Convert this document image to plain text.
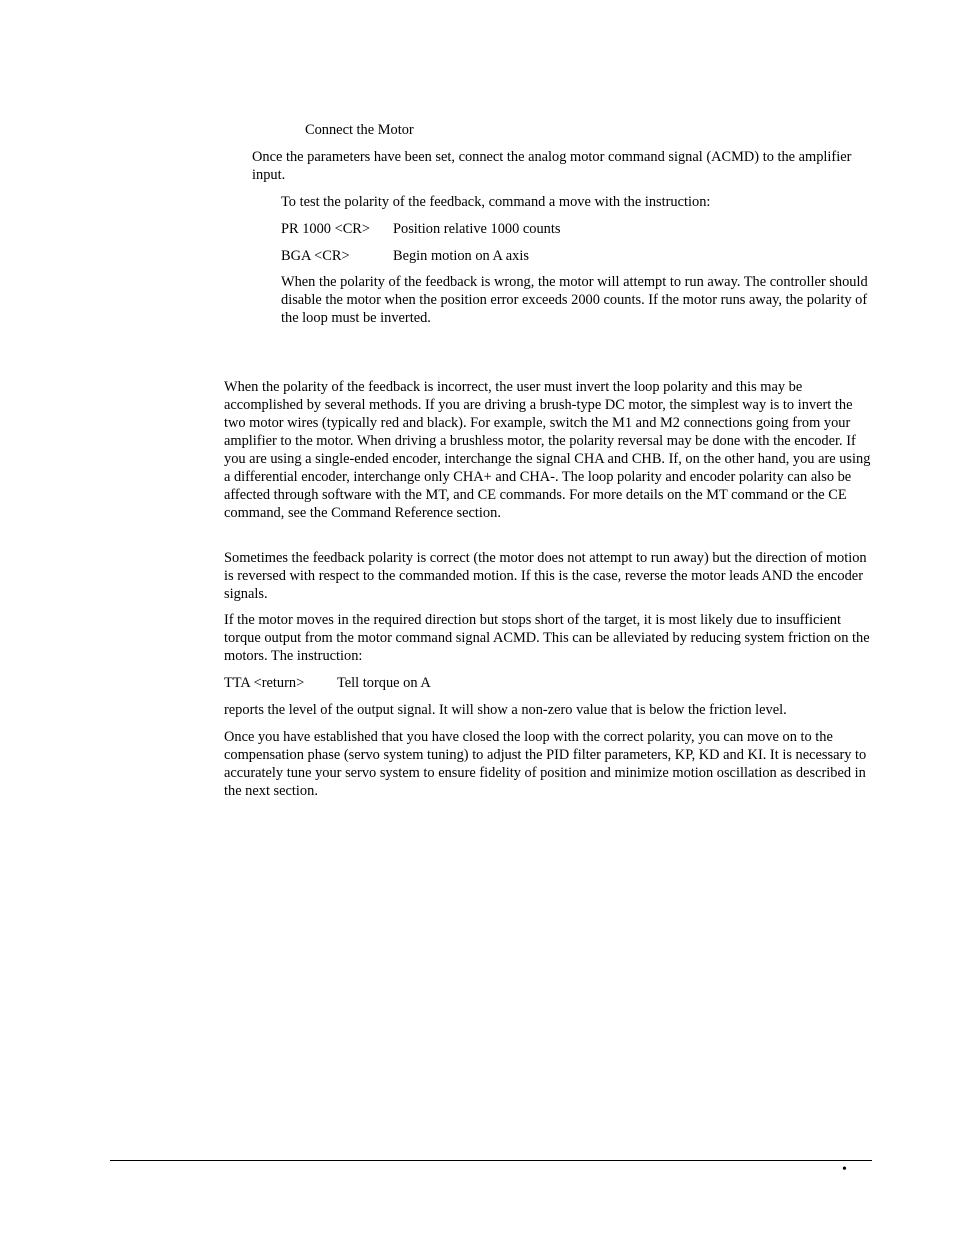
Connect the Motor

Once the parameters have been set, connect the analog motor command signal (ACMD) to the amplifier input.

To test the polarity of the feedback, command a move with the instruction:

PR 1000 <CR> Position relative 1000 counts
BGA <CR>	Begin motion on A axis

When the polarity of the feedback is wrong, the motor will attempt to run away. The controller should disable the motor when the position error exceeds 2000 counts. If the motor runs away, the polarity of the loop must be inverted.

When the polarity of the feedback is incorrect, the user must invert the loop polarity and this may be accomplished by several methods. If you are driving a brush-type DC motor, the simplest way is to invert the two motor wires (typically red and black). For example, switch the M1 and M2 connections going from your amplifier to the motor. When driving a brushless motor, the polarity reversal may be done with the encoder. If you are using a single-ended encoder, interchange the signal CHA and CHB. If, on the other hand, you are using a differential encoder, interchange only CHA+ and CHA-. The loop polarity and encoder polarity can also be affected through software with the MT, and CE commands. For more details on the MT command or the CE command, see the Command Reference section.

Sometimes the feedback polarity is correct (the motor does not attempt to run away) but the direction of motion is reversed with respect to the commanded motion. If this is the case, reverse the motor leads AND the encoder signals.

If the motor moves in the required direction but stops short of the target, it is most likely due to insufficient torque output from the motor command signal ACMD. This can be alleviated by reducing system friction on the motors. The instruction:

TTA <return> Tell torque on A

reports the level of the output signal. It will show a non-zero value that is below the friction level.

Once you have established that you have closed the loop with the correct polarity, you can move on to the compensation phase (servo system tuning) to adjust the PID filter parameters, KP, KD and KI. It is necessary to accurately tune your servo system to ensure fidelity of position and minimize motion oscillation as described in the next section.

•
